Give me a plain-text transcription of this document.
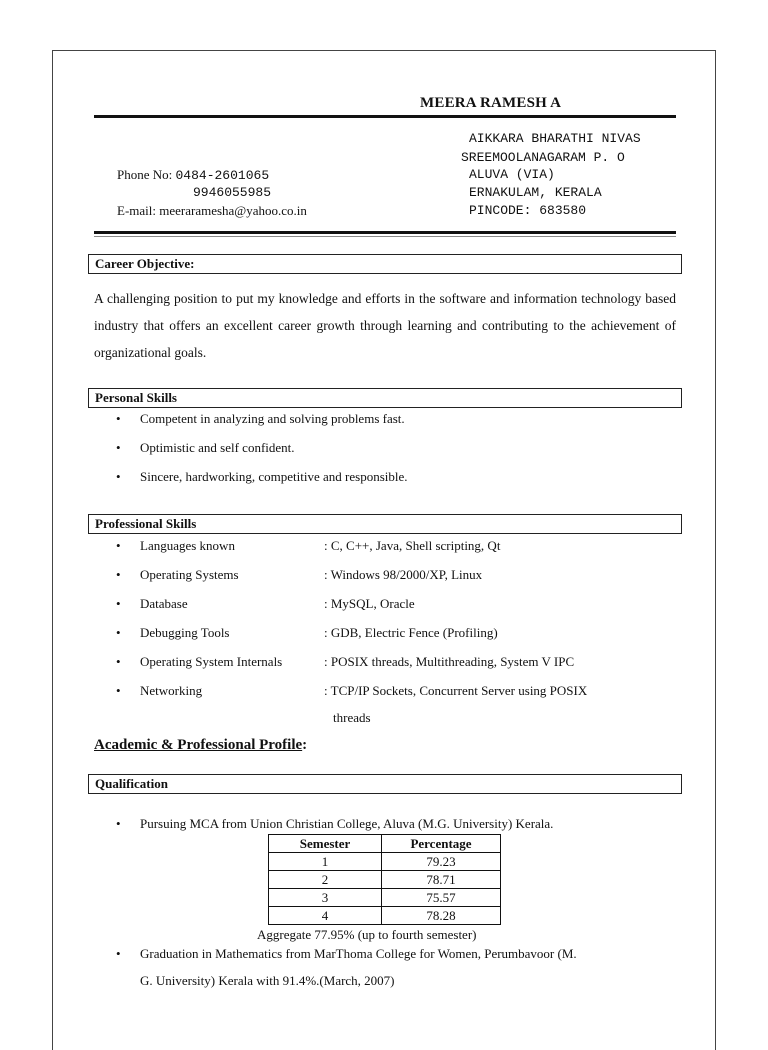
MEERA RAMESH A
AIKKARA BHARATHI NIVAS
SREEMOOLANAGARAM P. O
ALUVA (VIA)
ERNAKULAM, KERALA
PINCODE: 683580
Phone No: 0484-2601065
9946055985
E-mail: meeraramesha@yahoo.co.in
Career Objective:
A challenging position to put my knowledge and efforts in the software and information technology based industry that offers an excellent career growth through learning and contributing to the achievement of organizational goals.
Personal Skills
• Competent in analyzing and solving problems fast.
• Optimistic and self confident.
• Sincere, hardworking, competitive and responsible.
Professional Skills
• Languages known	: C, C++, Java, Shell scripting, Qt
• Operating Systems	: Windows 98/2000/XP, Linux
• Database	: MySQL, Oracle
• Debugging Tools	: GDB, Electric Fence (Profiling)
• Operating System Internals	: POSIX threads, Multithreading, System V IPC
• Networking	: TCP/IP Sockets, Concurrent Server using POSIX
threads
Academic & Professional Profile:
Qualification
• Pursuing MCA from Union Christian College, Aluva (M.G. University) Kerala.
Semester	Percentage
1	79.23
2	78.71
3	75.57
4	78.28
Aggregate 77.95% (up to fourth semester)
• Graduation in Mathematics from MarThoma College for Women, Perumbavoor (M.
G. University) Kerala with 91.4%.(March, 2007)
